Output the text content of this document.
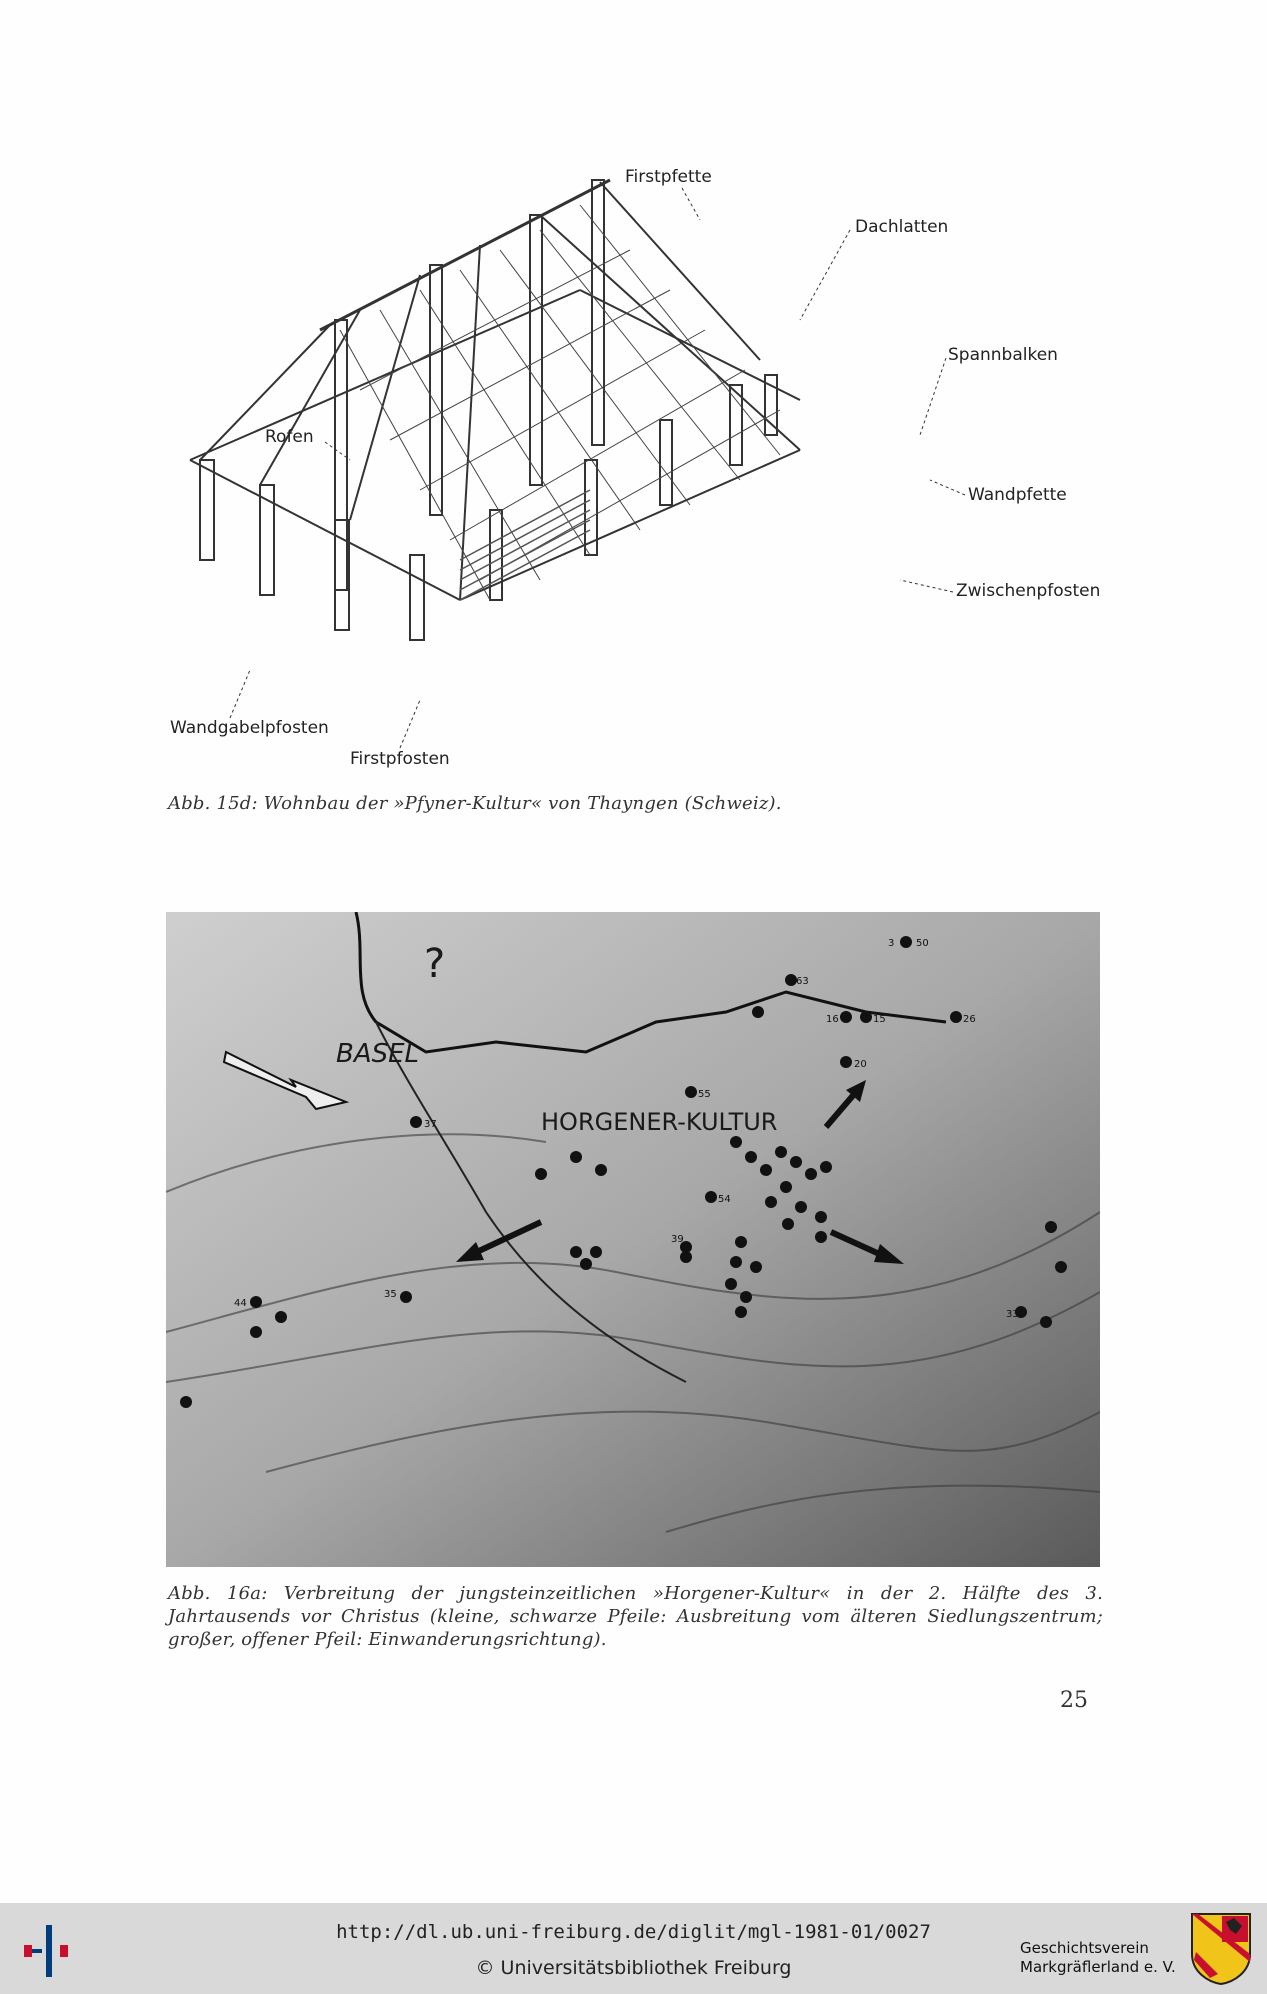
Firstpfette
Dachlatten
Spannbalken
Rofen
Wandpfette
Zwischenpfosten
Wandgabelpfosten
Firstpfosten
Abb. 15d: Wohnbau der »Pfyner-Kultur« von Thayngen (Schweiz).
BASEL
HORGENER-KULTUR
?	3 50
63
16	15	26
20
55
37
35
44
54
39
33
Abb. 16a: Verbreitung der jungsteinzeitlichen »Horgener-Kultur« in der 2. Hälfte des 3. Jahrtausends vor Christus (kleine, schwarze Pfeile: Ausbreitung vom älteren Siedlungszentrum; großer, offener Pfeil: Einwanderungsrichtung).
25
http://dl.ub.uni-freiburg.de/diglit/mgl-1981-01/0027
© Universitätsbibliothek Freiburg
Geschichtsverein
Markgräflerland e. V.
